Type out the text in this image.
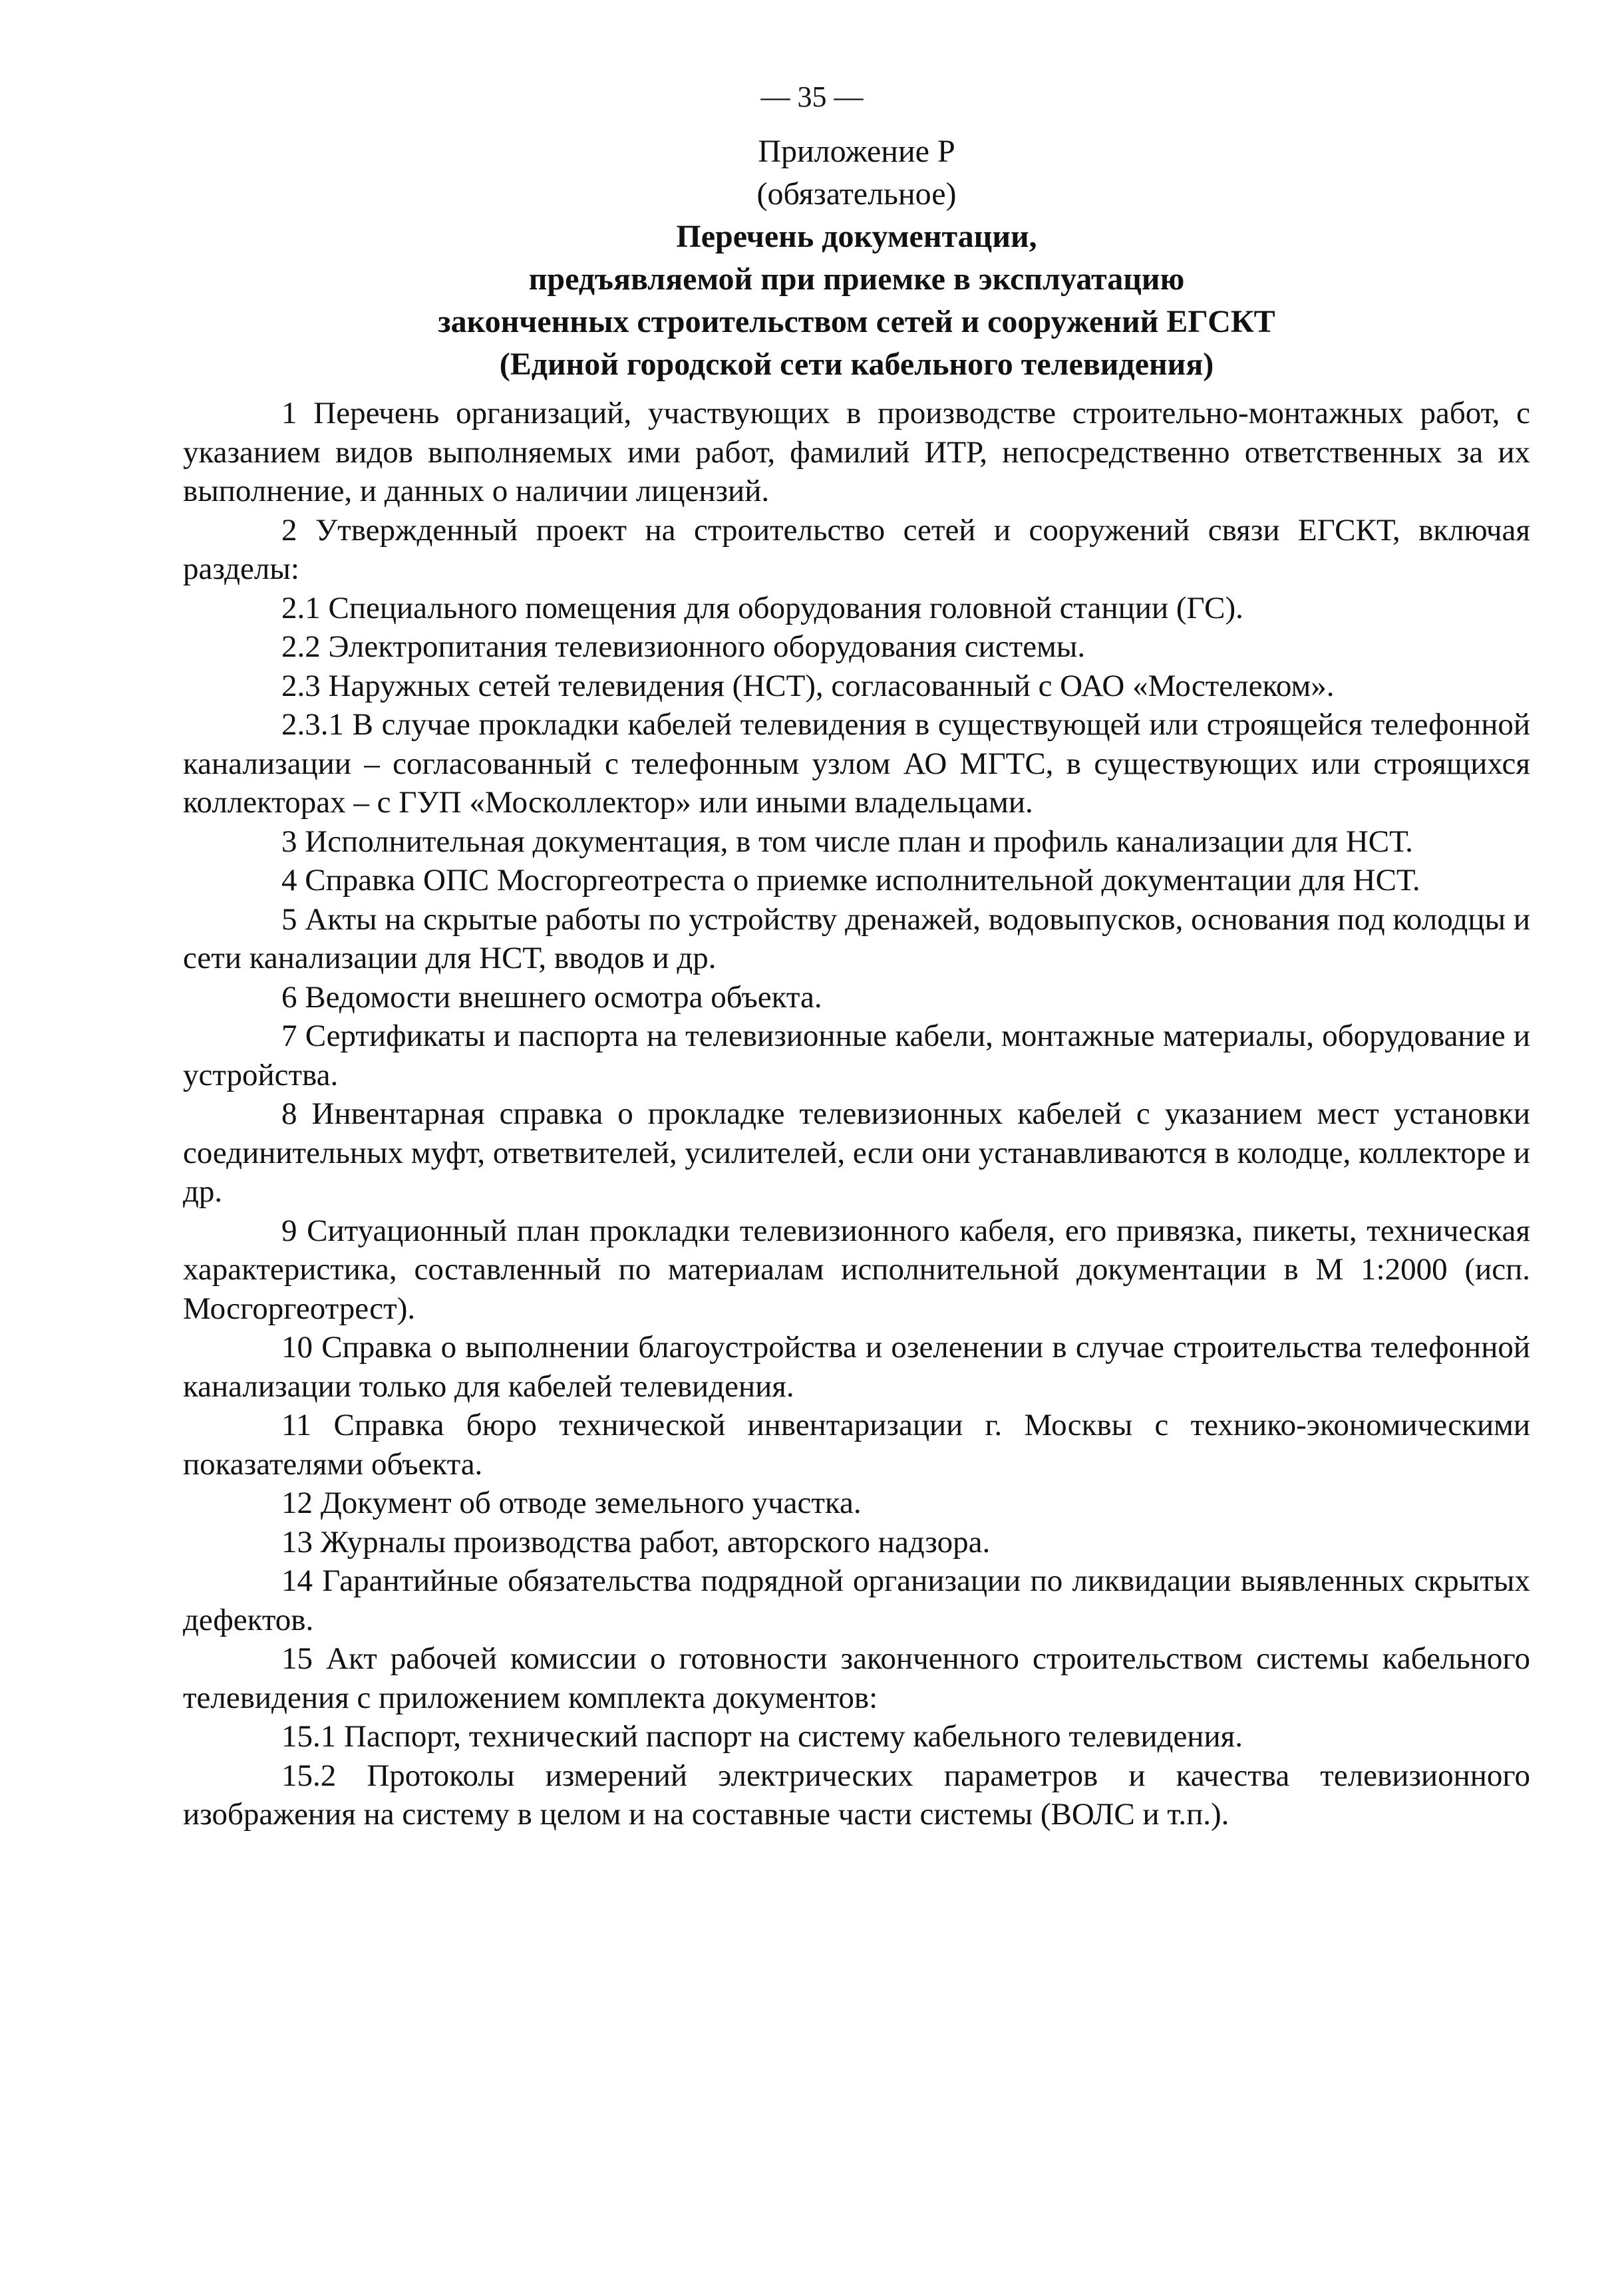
— 35 —
Приложение Р
(обязательное)
Перечень документации,
предъявляемой при приемке в эксплуатацию
законченных строительством сетей и сооружений ЕГСКТ
(Единой городской сети кабельного телевидения)

1 Перечень организаций, участвующих в производстве строительно-монтажных работ, с указанием видов выполняемых ими работ, фамилий ИТР, непосредственно ответственных за их выполнение, и данных о наличии лицензий.

2 Утвержденный проект на строительство сетей и сооружений связи ЕГСКТ, включая разделы:

2.1 Специального помещения для оборудования головной станции (ГС).

2.2 Электропитания телевизионного оборудования системы.

2.3 Наружных сетей телевидения (НСТ), согласованный с ОАО «Мостелеком».

2.3.1 В случае прокладки кабелей телевидения в существующей или строящейся телефонной канализации – согласованный с телефонным узлом АО МГТС, в существующих или строящихся коллекторах – с ГУП «Москоллектор» или иными владельцами.

3 Исполнительная документация, в том числе план и профиль канализации для НСТ.

4 Справка ОПС Мосгоргеотреста о приемке исполнительной документации для НСТ.

5 Акты на скрытые работы по устройству дренажей, водовыпусков, основания под колодцы и сети канализации для НСТ, вводов и др.

6 Ведомости внешнего осмотра объекта.

7 Сертификаты и паспорта на телевизионные кабели, монтажные материалы, оборудование и устройства.

8 Инвентарная справка о прокладке телевизионных кабелей с указанием мест установки соединительных муфт, ответвителей, усилителей, если они устанавливаются в колодце, коллекторе и др.

9 Ситуационный план прокладки телевизионного кабеля, его привязка, пикеты, техническая характеристика, составленный по материалам исполнительной документации в М 1:2000 (исп. Мосгоргеотрест).

10 Справка о выполнении благоустройства и озеленении в случае строительства телефонной канализации только для кабелей телевидения.

11 Справка бюро технической инвентаризации г. Москвы с технико-экономическими показателями объекта.

12 Документ об отводе земельного участка.

13 Журналы производства работ, авторского надзора.

14 Гарантийные обязательства подрядной организации по ликвидации выявленных скрытых дефектов.

15 Акт рабочей комиссии о готовности законченного строительством системы кабельного телевидения с приложением комплекта документов:

15.1 Паспорт, технический паспорт на систему кабельного телевидения.

15.2 Протоколы измерений электрических параметров и качества телевизионного изображения на систему в целом и на составные части системы (ВОЛС и т.п.).
